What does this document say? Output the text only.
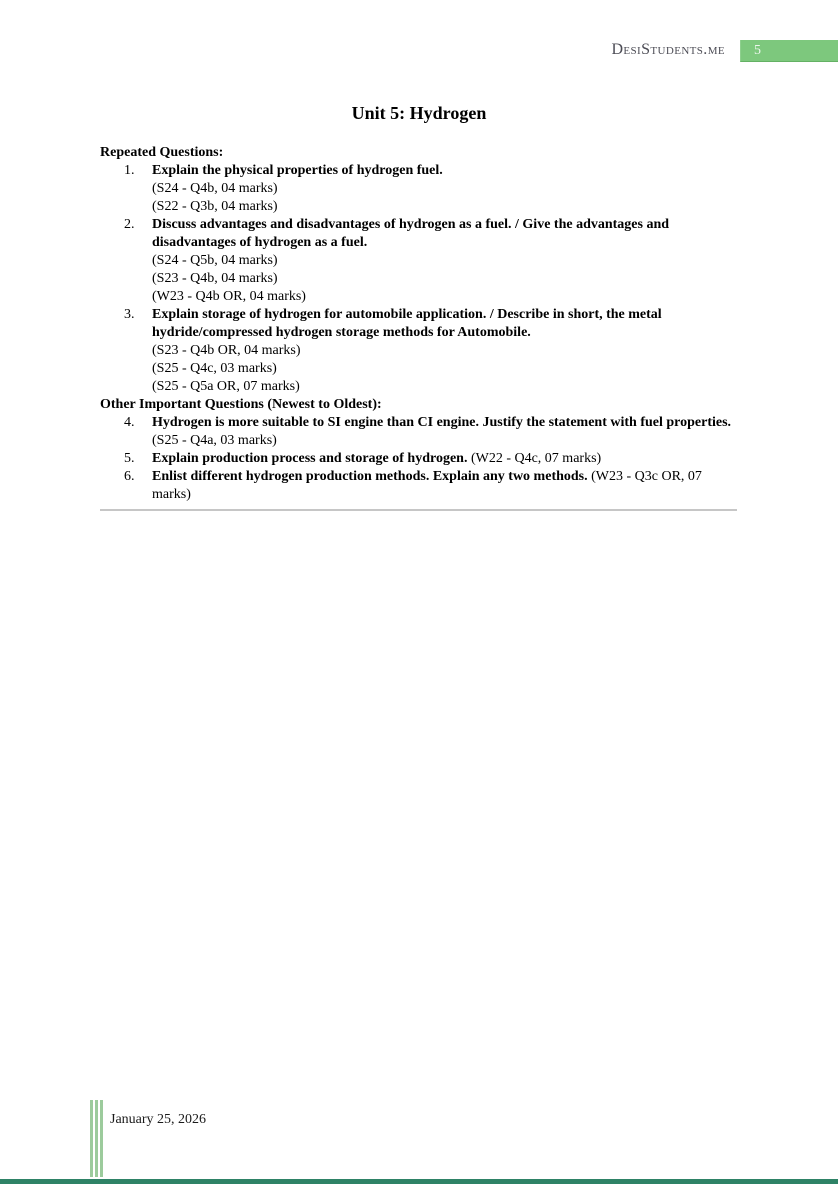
DesiStudents.me	5
Unit 5: Hydrogen
Repeated Questions:
1.	Explain the physical properties of hydrogen fuel.
(S24 - Q4b, 04 marks)
(S22 - Q3b, 04 marks)
2.	Discuss advantages and disadvantages of hydrogen as a fuel. / Give the advantages and disadvantages of hydrogen as a fuel.
(S24 - Q5b, 04 marks)
(S23 - Q4b, 04 marks)
(W23 - Q4b OR, 04 marks)
3.	Explain storage of hydrogen for automobile application. / Describe in short, the metal hydride/compressed hydrogen storage methods for Automobile.
(S23 - Q4b OR, 04 marks)
(S25 - Q4c, 03 marks)
(S25 - Q5a OR, 07 marks)
Other Important Questions (Newest to Oldest):
4.	Hydrogen is more suitable to SI engine than CI engine. Justify the statement with fuel properties. (S25 - Q4a, 03 marks)
5.	Explain production process and storage of hydrogen. (W22 - Q4c, 07 marks)
6.	Enlist different hydrogen production methods. Explain any two methods. (W23 - Q3c OR, 07 marks)
January 25, 2026
